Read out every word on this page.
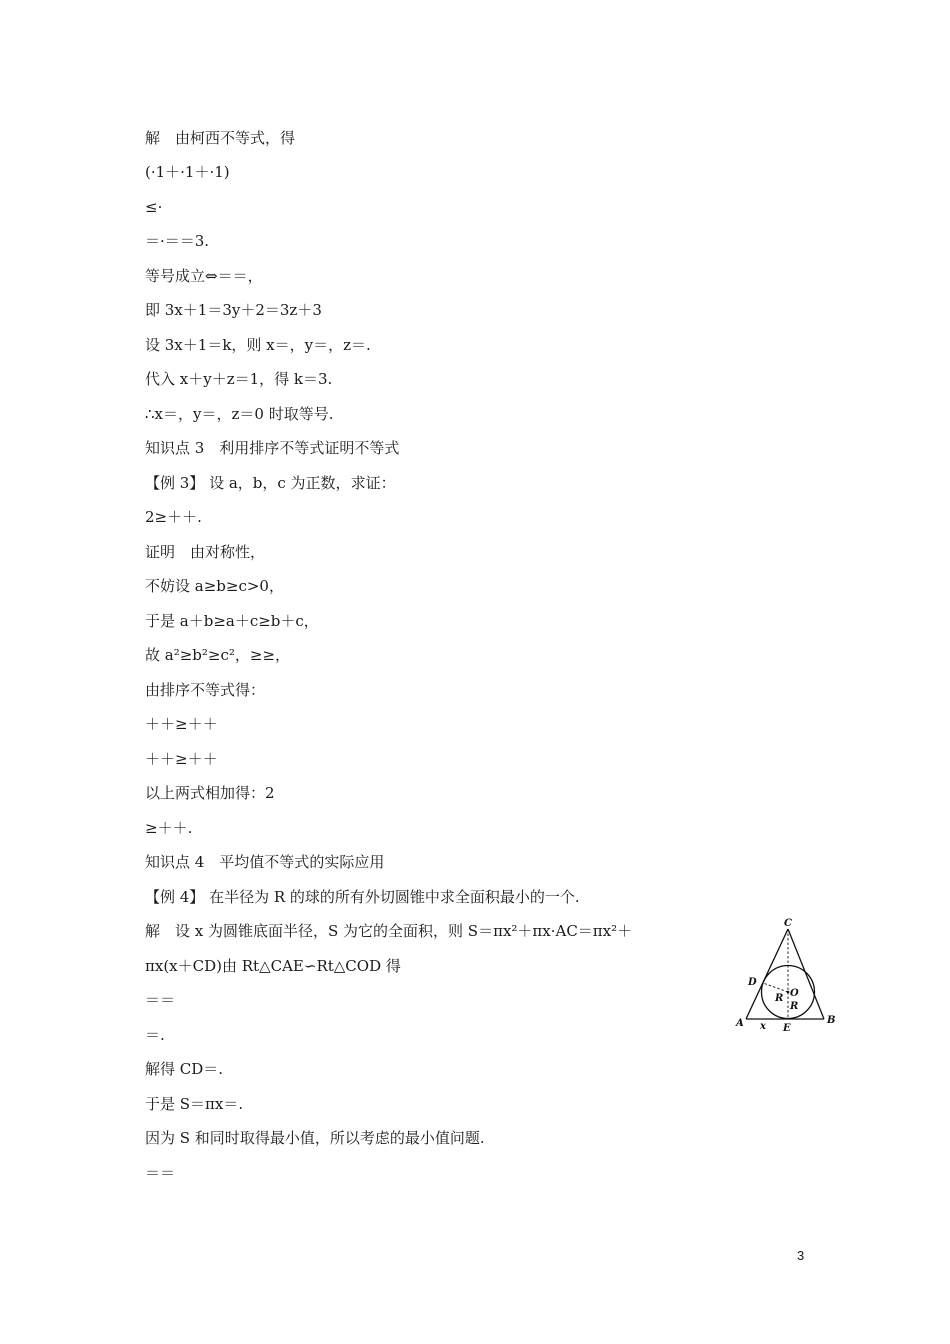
解　由柯西不等式，得
(·1＋·1＋·1)
≤·
＝·＝＝3.
等号成立⇔＝＝，
即 3x＋1＝3y＋2＝3z＋3
设 3x＋1＝k，则 x＝，y＝，z＝.
代入 x＋y＋z＝1，得 k＝3.
∴x＝，y＝，z＝0 时取等号.
知识点 3　利用排序不等式证明不等式
【例 3】 设 a，b，c 为正数，求证：
2≥＋＋.
证明　由对称性，
不妨设 a≥b≥c>0，
于是 a＋b≥a＋c≥b＋c，
故 a²≥b²≥c²，≥≥，
由排序不等式得：
＋＋≥＋＋
＋＋≥＋＋
以上两式相加得：2
≥＋＋.
知识点 4　平均值不等式的实际应用
【例 4】 在半径为 R 的球的所有外切圆锥中求全面积最小的一个.
解　设 x 为圆锥底面半径，S 为它的全面积，则 S＝πx²＋πx·AC＝πx²＋
πx(x＋CD)由 Rt△CAE∽Rt△COD 得
＝＝
＝.
解得 CD＝.
于是 S＝πx＝.
因为 S 和同时取得最小值，所以考虑的最小值问题.
＝＝
C
D
O
R
R
A x E
B
3
